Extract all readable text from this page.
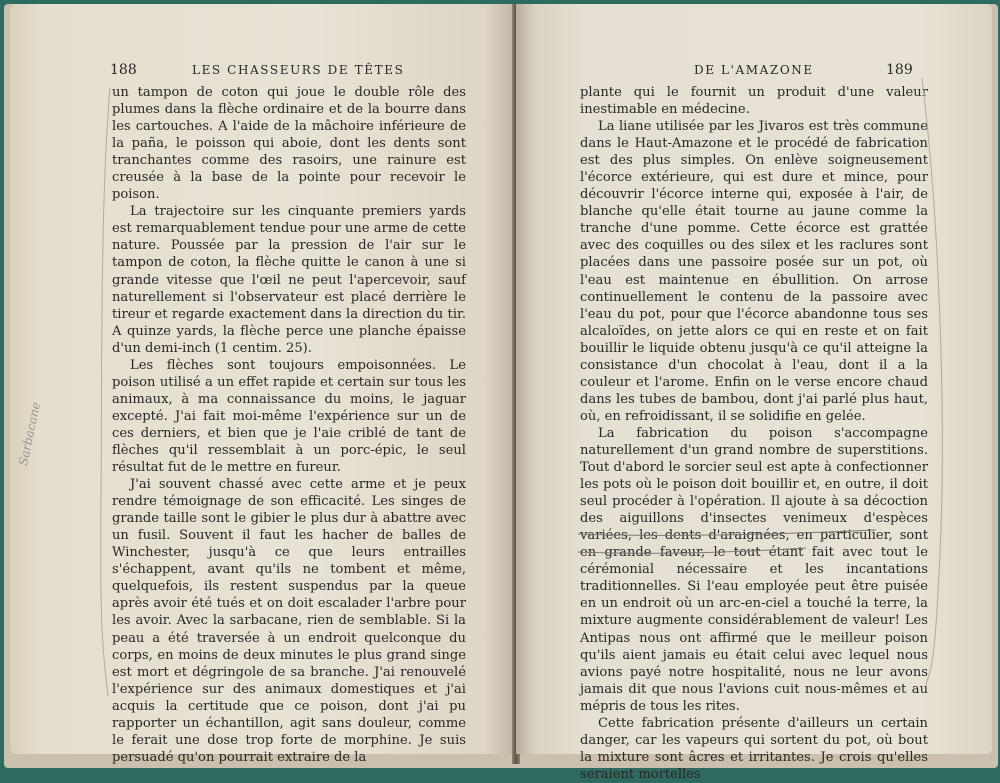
188	LES CHASSEURS DE TÊTES

un tampon de coton qui joue le double rôle des plumes dans la flèche ordinaire et de la bourre dans les cartouches. A l'aide de la mâchoire inférieure de la paña, le poisson qui aboie, dont les dents sont tranchantes comme des rasoirs, une rainure est creusée à la base de la pointe pour recevoir le poison.

La trajectoire sur les cinquante premiers yards est remarquablement tendue pour une arme de cette nature. Poussée par la pression de l'air sur le tampon de coton, la flèche quitte le canon à une si grande vitesse que l'œil ne peut l'apercevoir, sauf naturellement si l'observateur est placé derrière le tireur et regarde exactement dans la direction du tir. A quinze yards, la flèche perce une planche épaisse d'un demi-inch (1 centim. 25).

Les flèches sont toujours empoisonnées. Le poison utilisé a un effet rapide et certain sur tous les animaux, à ma connaissance du moins, le jaguar excepté. J'ai fait moi-même l'expérience sur un de ces derniers, et bien que je l'aie criblé de tant de flèches qu'il ressemblait à un porc-épic, le seul résultat fut de le mettre en fureur.

J'ai souvent chassé avec cette arme et je peux rendre témoignage de son efficacité. Les singes de grande taille sont le gibier le plus dur à abattre avec un fusil. Souvent il faut les hacher de balles de Winchester, jusqu'à ce que leurs entrailles s'échappent, avant qu'ils ne tombent et même, quelquefois, ils restent suspendus par la queue après avoir été tués et on doit escalader l'arbre pour les avoir. Avec la sarbacane, rien de semblable. Si la peau a été traversée à un endroit quelconque du corps, en moins de deux minutes le plus grand singe est mort et dégringole de sa branche. J'ai renouvelé l'expérience sur des animaux domestiques et j'ai acquis la certitude que ce poison, dont j'ai pu rapporter un échantillon, agit sans douleur, comme le ferait une dose trop forte de morphine. Je suis persuadé qu'on pourrait extraire de la

Sarbacane
DE L'AMAZONE	189

plante qui le fournit un produit d'une valeur inestimable en médecine.

La liane utilisée par les Jivaros est très commune dans le Haut-Amazone et le procédé de fabrication est des plus simples. On enlève soigneusement l'écorce extérieure, qui est dure et mince, pour découvrir l'écorce interne qui, exposée à l'air, de blanche qu'elle était tourne au jaune comme la tranche d'une pomme. Cette écorce est grattée avec des coquilles ou des silex et les raclures sont placées dans une passoire posée sur un pot, où l'eau est maintenue en ébullition. On arrose continuellement le contenu de la passoire avec l'eau du pot, pour que l'écorce abandonne tous ses alcaloïdes, on jette alors ce qui en reste et on fait bouillir le liquide obtenu jusqu'à ce qu'il atteigne la consistance d'un chocolat à l'eau, dont il a la couleur et l'arome. Enfin on le verse encore chaud dans les tubes de bambou, dont j'ai parlé plus haut, où, en refroidissant, il se solidifie en gelée.

La fabrication du poison s'accompagne naturellement d'un grand nombre de superstitions. Tout d'abord le sorcier seul est apte à confectionner les pots où le poison doit bouillir et, en outre, il doit seul procéder à l'opération. Il ajoute à sa décoction des aiguillons d'insectes venimeux d'espèces variées, les dents d'araignées, en particulier, sont en grande faveur, le tout étant fait avec tout le cérémonial nécessaire et les incantations traditionnelles. Si l'eau employée peut être puisée en un endroit où un arc-en-ciel a touché la terre, la mixture augmente considérablement de valeur! Les Antipas nous ont affirmé que le meilleur poison qu'ils aient jamais eu était celui avec lequel nous avions payé notre hospitalité, nous ne leur avons jamais dit que nous l'avions cuit nous-mêmes et au mépris de tous les rites.

Cette fabrication présente d'ailleurs un certain danger, car les vapeurs qui sortent du pot, où bout la mixture sont âcres et irritantes. Je crois qu'elles seraient mortelles
